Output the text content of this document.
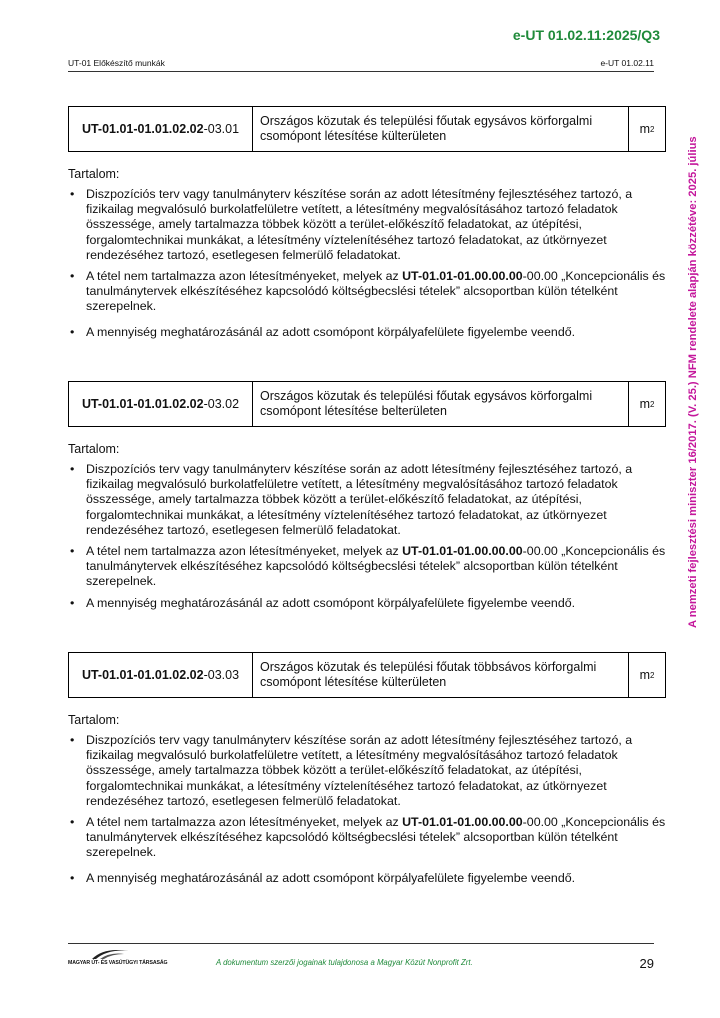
e-UT 01.02.11:2025/Q3
UT-01 Előkészítő munkák	e-UT 01.02.11
A nemzeti fejlesztési miniszter 16/2017. (V. 25.) NFM rendelete alapján közzétéve: 2025. július
UT-01.01-01.01.02.02 -03.01
Országos közutak és települési főutak egysávos körforgalmi csomópont létesítése külterületen	m 2
Tartalom:
• Diszpozíciós terv vagy tanulmányterv készítése során az adott létesítmény fejlesztéséhez tartozó, a fizikailag megvalósuló burkolatfelületre vetített, a létesítmény megvalósításához tartozó feladatok összessége, amely tartalmazza többek között a terület-előkészítő feladatokat, az útépítési, forgalomtechnikai munkákat, a létesítmény víztelenítéséhez tartozó feladatokat, az útkörnyezet rendezéséhez tartozó, esetlegesen felmerülő feladatokat.
• A tétel nem tartalmazza azon létesítményeket, melyek az UT-01.01-01.00.00.00-00.00 „Koncepcionális és tanulmánytervek elkészítéséhez kapcsolódó költségbecslési tételek” alcsoportban külön tételként szerepelnek.
• A mennyiség meghatározásánál az adott csomópont körpályafelülete figyelembe veendő.
UT-01.01-01.01.02.02 -03.02
Országos közutak és települési főutak egysávos körforgalmi csomópont létesítése belterületen	m 2
Tartalom:
• Diszpozíciós terv vagy tanulmányterv készítése során az adott létesítmény fejlesztéséhez tartozó, a fizikailag megvalósuló burkolatfelületre vetített, a létesítmény megvalósításához tartozó feladatok összessége, amely tartalmazza többek között a terület-előkészítő feladatokat, az útépítési, forgalomtechnikai munkákat, a létesítmény víztelenítéséhez tartozó feladatokat, az útkörnyezet rendezéséhez tartozó, esetlegesen felmerülő feladatokat.
• A tétel nem tartalmazza azon létesítményeket, melyek az UT-01.01-01.00.00.00-00.00 „Koncepcionális és tanulmánytervek elkészítéséhez kapcsolódó költségbecslési tételek” alcsoportban külön tételként szerepelnek.
• A mennyiség meghatározásánál az adott csomópont körpályafelülete figyelembe veendő.
UT-01.01-01.01.02.02 -03.03
Országos közutak és települési főutak többsávos körforgalmi csomópont létesítése külterületen	m 2
Tartalom:
• Diszpozíciós terv vagy tanulmányterv készítése során az adott létesítmény fejlesztéséhez tartozó, a fizikailag megvalósuló burkolatfelületre vetített, a létesítmény megvalósításához tartozó feladatok összessége, amely tartalmazza többek között a terület-előkészítő feladatokat, az útépítési, forgalomtechnikai munkákat, a létesítmény víztelenítéséhez tartozó feladatokat, az útkörnyezet rendezéséhez tartozó, esetlegesen felmerülő feladatokat.
• A tétel nem tartalmazza azon létesítményeket, melyek az UT-01.01-01.00.00.00-00.00 „Koncepcionális és tanulmánytervek elkészítéséhez kapcsolódó költségbecslési tételek” alcsoportban külön tételként szerepelnek.
• A mennyiség meghatározásánál az adott csomópont körpályafelülete figyelembe veendő.
MAGYAR ÚT- ÉS VASÚTÜGYI TÁRSASÁG	A dokumentum szerzői jogainak tulajdonosa a Magyar Közút Nonprofit Zrt.	29
